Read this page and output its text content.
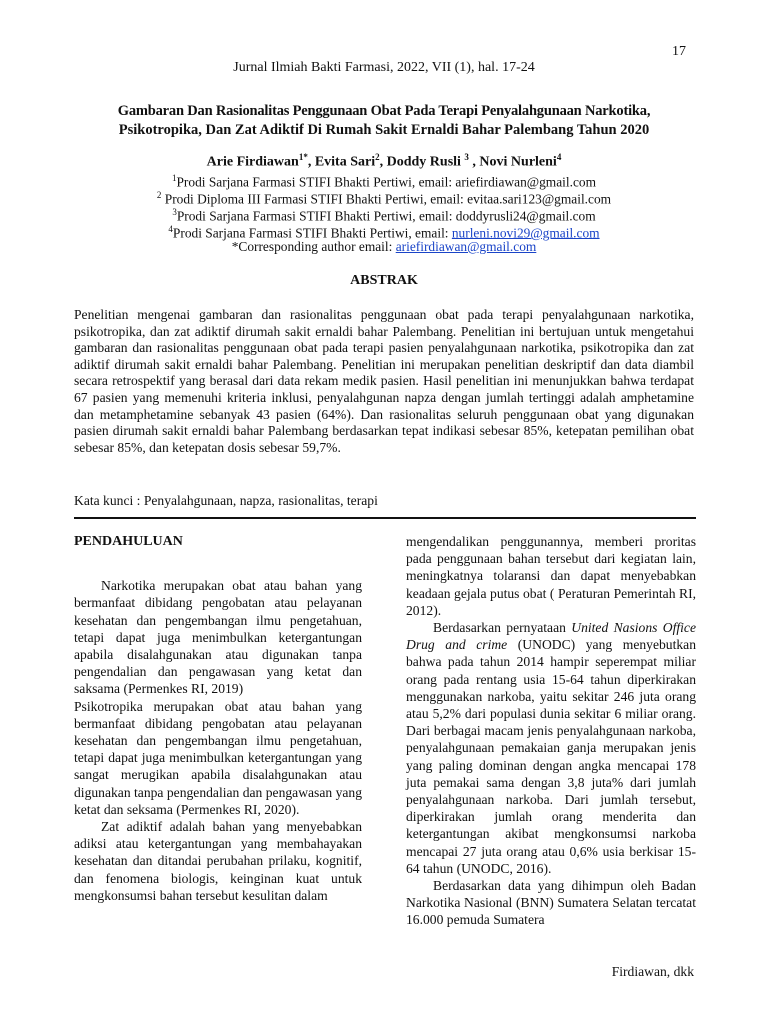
17
Jurnal Ilmiah Bakti Farmasi, 2022, VII (1), hal. 17-24
Gambaran Dan Rasionalitas Penggunaan Obat Pada Terapi Penyalahgunaan Narkotika,
Psikotropika, Dan Zat Adiktif Di Rumah Sakit Ernaldi Bahar Palembang Tahun 2020
Arie Firdiawan$^{1*}$, Evita Sari$^2$, Doddy Rusli $^3$ , Novi Nurleni$^4$
$^1$Prodi Sarjana Farmasi STIFI Bhakti Pertiwi, email: ariefirdiawan@gmail.com
$^2$ Prodi Diploma III Farmasi STIFI Bhakti Pertiwi, email: evitaa.sari123@gmail.com
$^3$Prodi Sarjana Farmasi STIFI Bhakti Pertiwi, email: doddyrusli24@gmail.com
$^4$Prodi Sarjana Farmasi STIFI Bhakti Pertiwi, email: nurleni.novi29@gmail.com
*Corresponding author email: ariefirdiawan@gmail.com
ABSTRAK
Penelitian mengenai gambaran dan rasionalitas penggunaan obat pada terapi penyalahgunaan narkotika, psikotropika, dan zat adiktif dirumah sakit ernaldi bahar Palembang. Penelitian ini bertujuan untuk mengetahui gambaran dan rasionalitas penggunaan obat pada terapi pasien penyalahgunaan narkotika, psikotropika dan zat adiktif dirumah sakit ernaldi bahar Palembang. Penelitian ini merupakan penelitian deskriptif dan data diambil secara retrospektif yang berasal dari data rekam medik pasien. Hasil penelitian ini menunjukkan bahwa terdapat 67 pasien yang memenuhi kriteria inklusi, penyalahgunan napza dengan jumlah tertinggi adalah amphetamine dan metamphetamine sebanyak 43 pasien (64%). Dan rasionalitas seluruh penggunaan obat yang digunakan pasien dirumah sakit ernaldi bahar Palembang berdasarkan tepat indikasi sebesar 85%, ketepatan pemilihan obat sebesar 85%, dan ketepatan dosis sebesar 59,7%.
Kata kunci : Penyalahgunaan, napza, rasionalitas, terapi
PENDAHULUAN

Narkotika merupakan obat atau bahan yang bermanfaat dibidang pengobatan atau pelayanan kesehatan dan pengembangan ilmu pengetahuan, tetapi dapat juga menimbulkan ketergantungan apabila disalahgunakan atau digunakan tanpa pengendalian dan pengawasan yang ketat dan saksama (Permenkes RI, 2019)

Psikotropika merupakan obat atau bahan yang bermanfaat dibidang pengobatan atau pelayanan kesehatan dan pengembangan ilmu pengetahuan, tetapi dapat juga menimbulkan ketergantungan yang sangat merugikan apabila disalahgunakan atau digunakan tanpa pengendalian dan pengawasan yang ketat dan seksama (Permenkes RI, 2020).

Zat adiktif adalah bahan yang menyebabkan adiksi atau ketergantungan yang membahayakan kesehatan dan ditandai perubahan prilaku, kognitif, dan fenomena biologis, keinginan kuat untuk mengkonsumsi bahan tersebut kesulitan dalam

mengendalikan penggunannya, memberi proritas pada penggunaan bahan tersebut dari kegiatan lain, meningkatnya tolaransi dan dapat menyebabkan keadaan gejala putus obat ( Peraturan Pemerintah RI, 2012).

Berdasarkan pernyataan United Nasions Office Drug and crime (UNODC) yang menyebutkan bahwa pada tahun 2014 hampir seperempat miliar orang pada rentang usia 15-64 tahun diperkirakan menggunakan narkoba, yaitu sekitar 246 juta orang atau 5,2% dari populasi dunia sekitar 6 miliar orang. Dari berbagai macam jenis penyalahgunaan narkoba, penyalahgunaan pemakaian ganja merupakan jenis yang paling dominan dengan angka mencapai 178 juta pemakai sama dengan 3,8 juta% dari jumlah penyalahgunaan narkoba. Dari jumlah tersebut, diperkirakan jumlah orang menderita dan ketergantungan akibat mengkonsumsi narkoba mencapai 27 juta orang atau 0,6% usia berkisar 15-64 tahun (UNODC, 2016).

Berdasarkan data yang dihimpun oleh Badan Narkotika Nasional (BNN) Sumatera Selatan tercatat 16.000 pemuda Sumatera

Firdiawan, dkk
